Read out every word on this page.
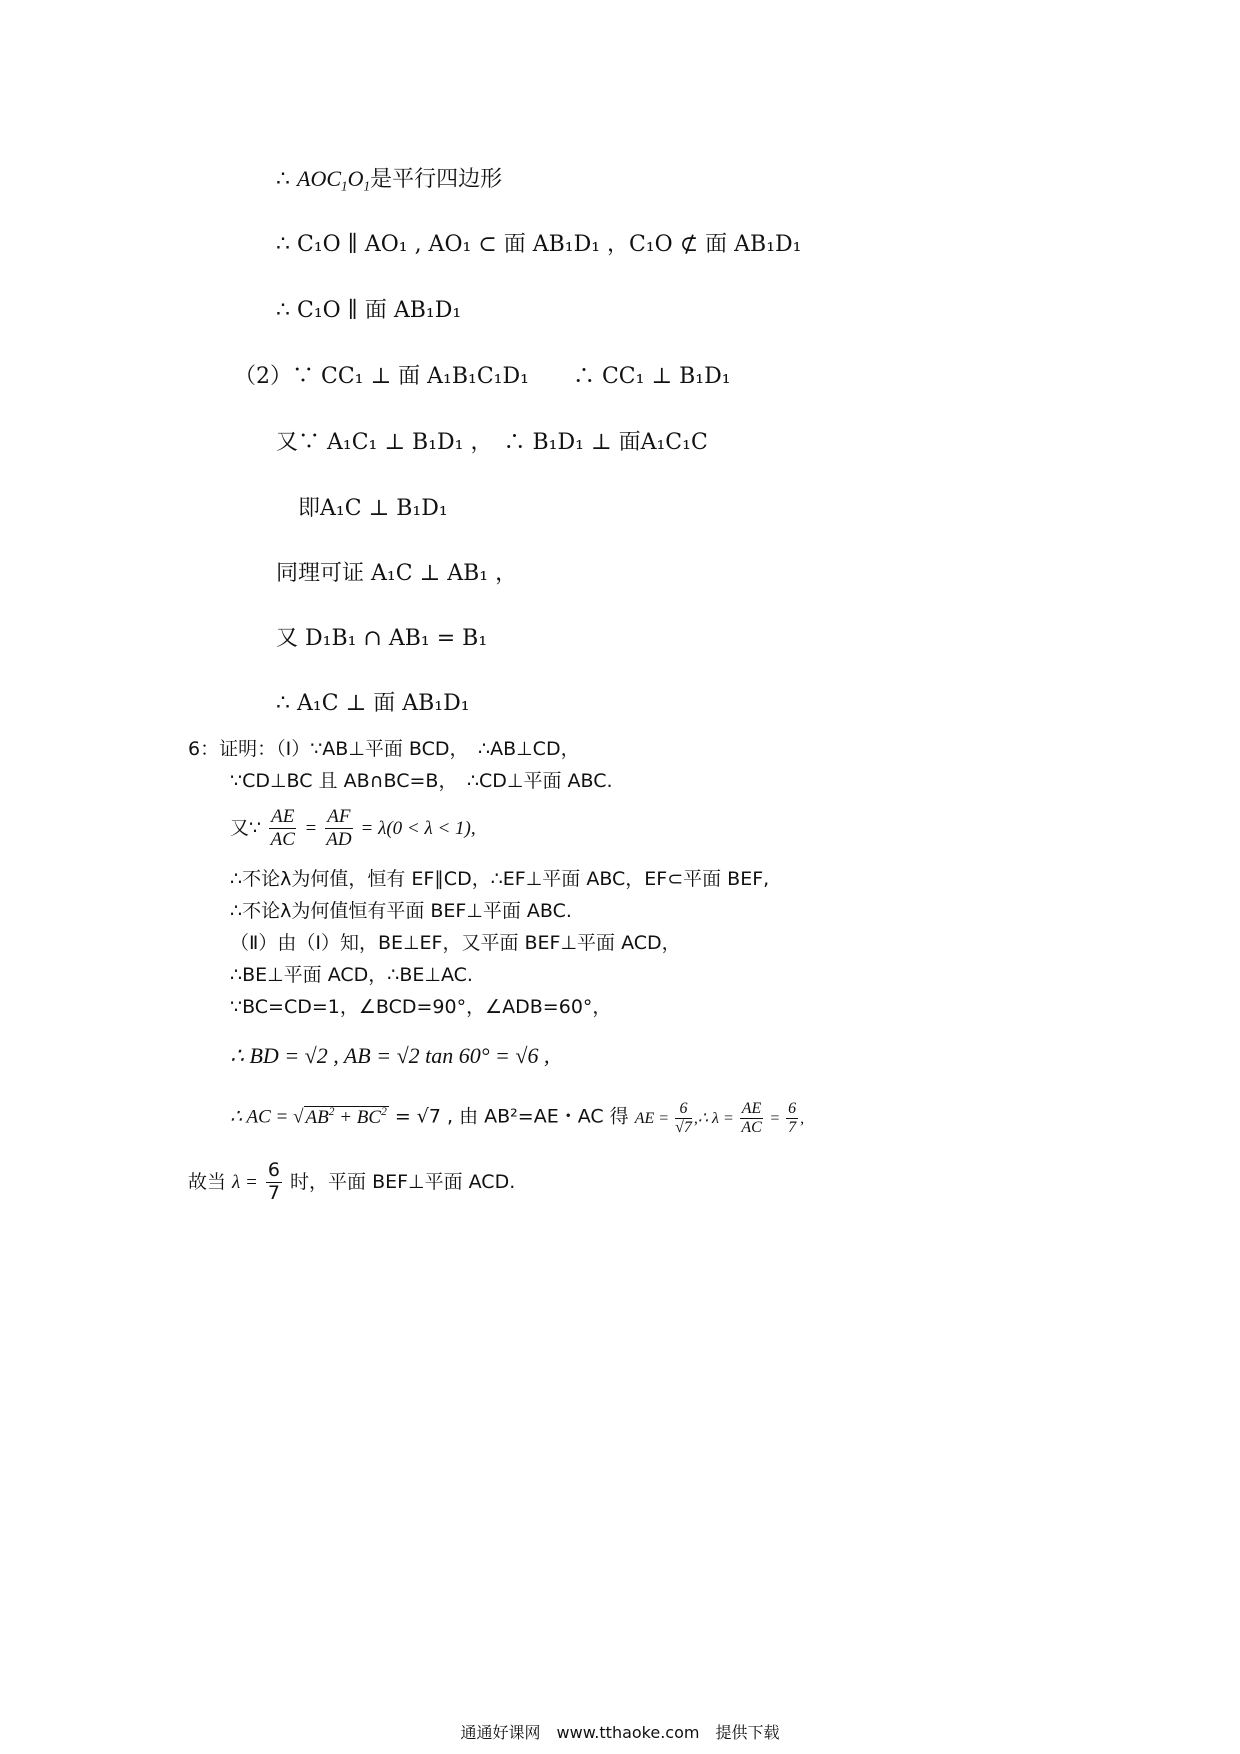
∴ $AOC_1O_1$是平行四边形
∴ C₁O ∥ AO₁ , AO₁ ⊂ 面 AB₁D₁ ，C₁O ⊄ 面 AB₁D₁
∴ C₁O ∥ 面 AB₁D₁
（2）∵ CC₁ ⊥ 面 A₁B₁C₁D₁　　∴ CC₁ ⊥ B₁D₁
又∵ A₁C₁ ⊥ B₁D₁ ，　∴ B₁D₁ ⊥ 面A₁C₁C
即A₁C ⊥ B₁D₁
同理可证 A₁C ⊥ AB₁ ，
又 D₁B₁ ∩ AB₁ = B₁
∴ A₁C ⊥ 面 AB₁D₁
6：证明：（Ⅰ）∵AB⊥平面 BCD，　∴AB⊥CD，
∵CD⊥BC 且 AB∩BC=B，　∴CD⊥平面 ABC.
又∵ $\frac{AE}{AC} = \frac{AF}{AD} = \lambda(0 < \lambda < 1)$,
∴不论λ为何值，恒有 EF∥CD，∴EF⊥平面 ABC，EF⊂平面 BEF,
∴不论λ为何值恒有平面 BEF⊥平面 ABC.
（Ⅱ）由（Ⅰ）知，BE⊥EF，又平面 BEF⊥平面 ACD，
∴BE⊥平面 ACD，∴BE⊥AC.
∵BC=CD=1，∠BCD=90°，∠ADB=60°，
∴ BD = √2 , AB = √2 tan 60° = √6 ,
∴ AC = √ $AB^2 + BC^2 = √7$ , 由 AB²=AE・AC 得 AE = $\frac{6}{√7}$ ,∴ $\lambda = \frac{AE}{AC} = \frac{6}{7}$ ,
故当 $\lambda = \frac{6}{7}$ 时，平面 BEF⊥平面 ACD.
通通好课网　www.tthaoke.com　提供下载
